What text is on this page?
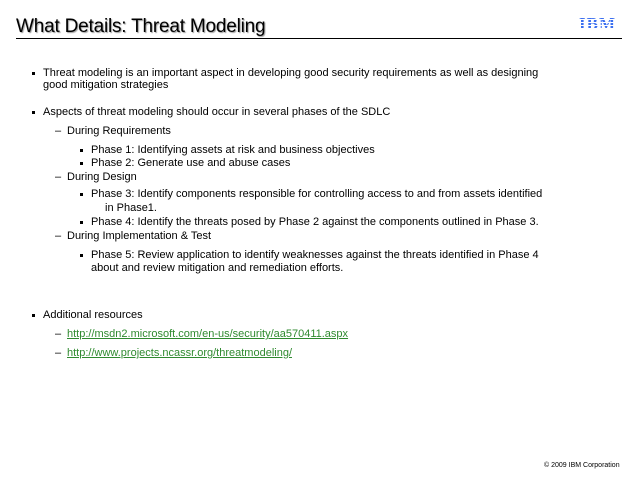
What Details: Threat Modeling	IBM
Threat modeling is an important aspect in developing good security requirements as well as designing
good mitigation strategies
Aspects of threat modeling should occur in several phases of the SDLC
– During Requirements
Phase 1: Identifying assets at risk and business objectives
Phase 2: Generate use and abuse cases
– During Design
Phase 3: Identify components responsible for controlling access to and from assets identified
in Phase1.
Phase 4: Identify the threats posed by Phase 2 against the components outlined in Phase 3.
– During Implementation & Test
Phase 5: Review application to identify weaknesses against the threats identified in Phase 4
about and review mitigation and remediation efforts.
Additional resources
– http://msdn2.microsoft.com/en-us/security/aa570411.aspx
– http://www.projects.ncassr.org/threatmodeling/
© 2009 IBM Corporation
